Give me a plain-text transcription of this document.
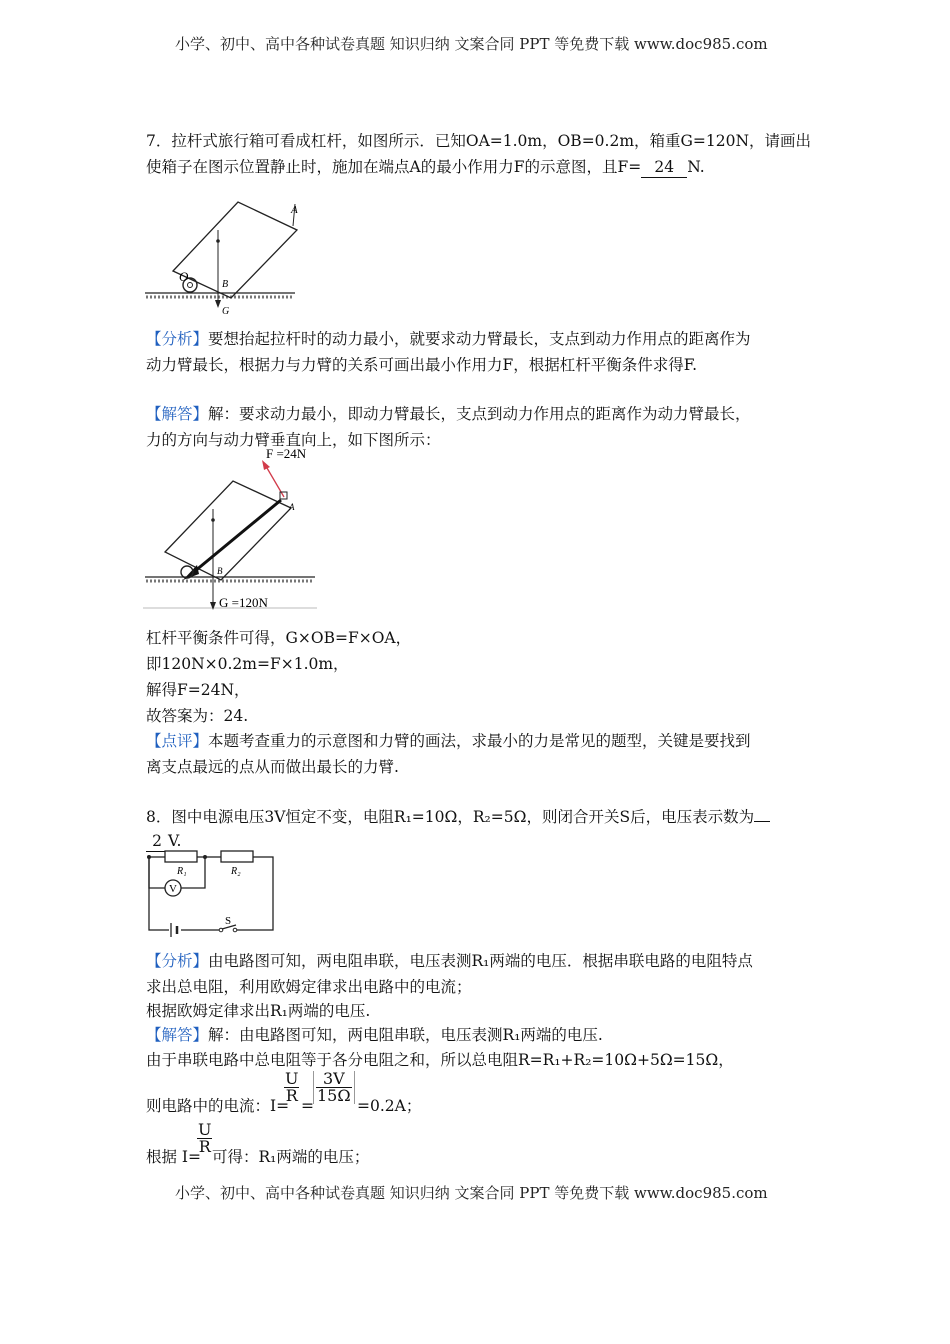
小学、初中、高中各种试卷真题 知识归纳 文案合同 PPT 等免费下载 www.doc985.com
7．拉杆式旅行箱可看成杠杆，如图所示．已知OA=1.0m，OB=0.2m，箱重G=120N，请画出
使箱子在图示位置静止时，施加在端点A的最小作用力F的示意图，且F= 24 N.
A
O
B
G
【分析】要想抬起拉杆时的动力最小，就要求动力臂最长，支点到动力作用点的距离作为
动力臂最长，根据力与力臂的关系可画出最小作用力F，根据杠杆平衡条件求得F.
【解答】解：要求动力最小，即动力臂最长，支点到动力作用点的距离作为动力臂最长，
力的方向与动力臂垂直向上，如下图所示：
F =24N
A
B
G =120N
杠杆平衡条件可得，G×OB=F×OA，
即120N×0.2m=F×1.0m，
解得F=24N，
故答案为：24.
【点评】本题考查重力的示意图和力臂的画法，求最小的力是常见的题型，关键是要找到
离支点最远的点从而做出最长的力臂.
8．图中电源电压3V恒定不变，电阻R₁=10Ω，R₂=5Ω，则闭合开关S后，电压表示数为
2 V.
V
R₁	R₂
S
【分析】由电路图可知，两电阻串联，电压表测R₁两端的电压．根据串联电路的电阻特点
求出总电阻，利用欧姆定律求出电路中的电流；
根据欧姆定律求出R₁两端的电压.
【解答】解：由电路图可知，两电阻串联，电压表测R₁两端的电压.
由于串联电路中总电阻等于各分电阻之和，所以总电阻R=R₁+R₂=10Ω+5Ω=15Ω，
则电路中的电流：I=
$\frac{U}{R}$
=
$\frac{3V}{15\Omega}$
=0.2A；
根据 I=
$\frac{U}{R}$
可得：R₁两端的电压；
小学、初中、高中各种试卷真题 知识归纳 文案合同 PPT 等免费下载 www.doc985.com
